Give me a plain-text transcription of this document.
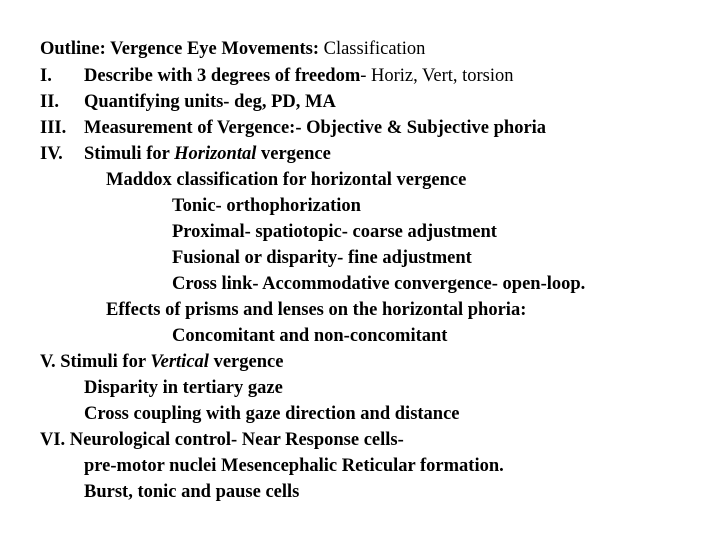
Outline: Vergence Eye Movements: Classification
I. Describe with 3 degrees of freedom- Horiz, Vert, torsion
II. Quantifying units- deg, PD, MA
III. Measurement of Vergence:- Objective & Subjective phoria
IV. Stimuli for Horizontal vergence
Maddox classification for horizontal vergence
Tonic- orthophorization
Proximal- spatiotopic- coarse adjustment
Fusional or disparity- fine adjustment
Cross link- Accommodative convergence- open-loop.
Effects of prisms and lenses on the horizontal phoria:
Concomitant and non-concomitant
V. Stimuli for Vertical vergence
Disparity in tertiary gaze
Cross coupling with gaze direction and distance
VI. Neurological control- Near Response cells-
pre-motor nuclei Mesencephalic Reticular formation.
Burst, tonic and pause cells
